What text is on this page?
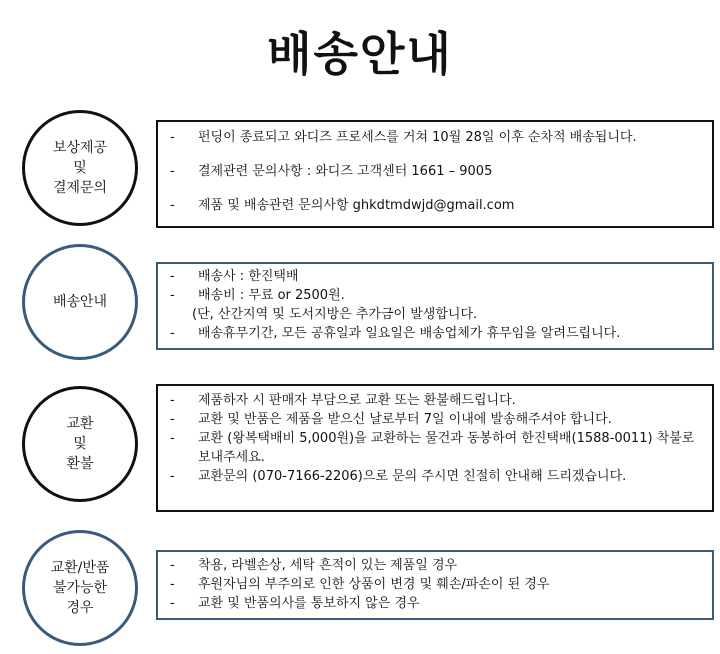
배송안내
보상제공
및
결제문의
-	펀딩이 종료되고 와디즈 프로세스를 거쳐 10월 28일 이후 순차적 배송됩니다.
-	결제관련 문의사항 : 와디즈 고객센터 1661 – 9005
-	제품 및 배송관련 문의사항 ghkdtmdwjd@gmail.com
배송안내
-	배송사 : 한진택배
-	배송비 : 무료 or 2500원.
(단, 산간지역 및 도서지방은 추가금이 발생합니다.
-	배송휴무기간, 모든 공휴일과 일요일은 배송업체가 휴무임을 알려드립니다.
교환
및
환불
-	제품하자 시 판매자 부담으로 교환 또는 환불해드립니다.
-	교환 및 반품은 제품을 받으신 날로부터 7일 이내에 발송해주셔야 합니다.
-	교환 (왕복택배비 5,000원)을 교환하는 물건과 동봉하여 한진택배(1588-0011) 착불로 보내주세요.
-	교환문의 (070-7166-2206)으로 문의 주시면 친절히 안내해 드리겠습니다.
교환/반품
불가능한
경우
-	착용, 라벨손상, 세탁 흔적이 있는 제품일 경우
-	후원자님의 부주의로 인한 상품이 변경 및 훼손/파손이 된 경우
-	교환 및 반품의사를 통보하지 않은 경우
